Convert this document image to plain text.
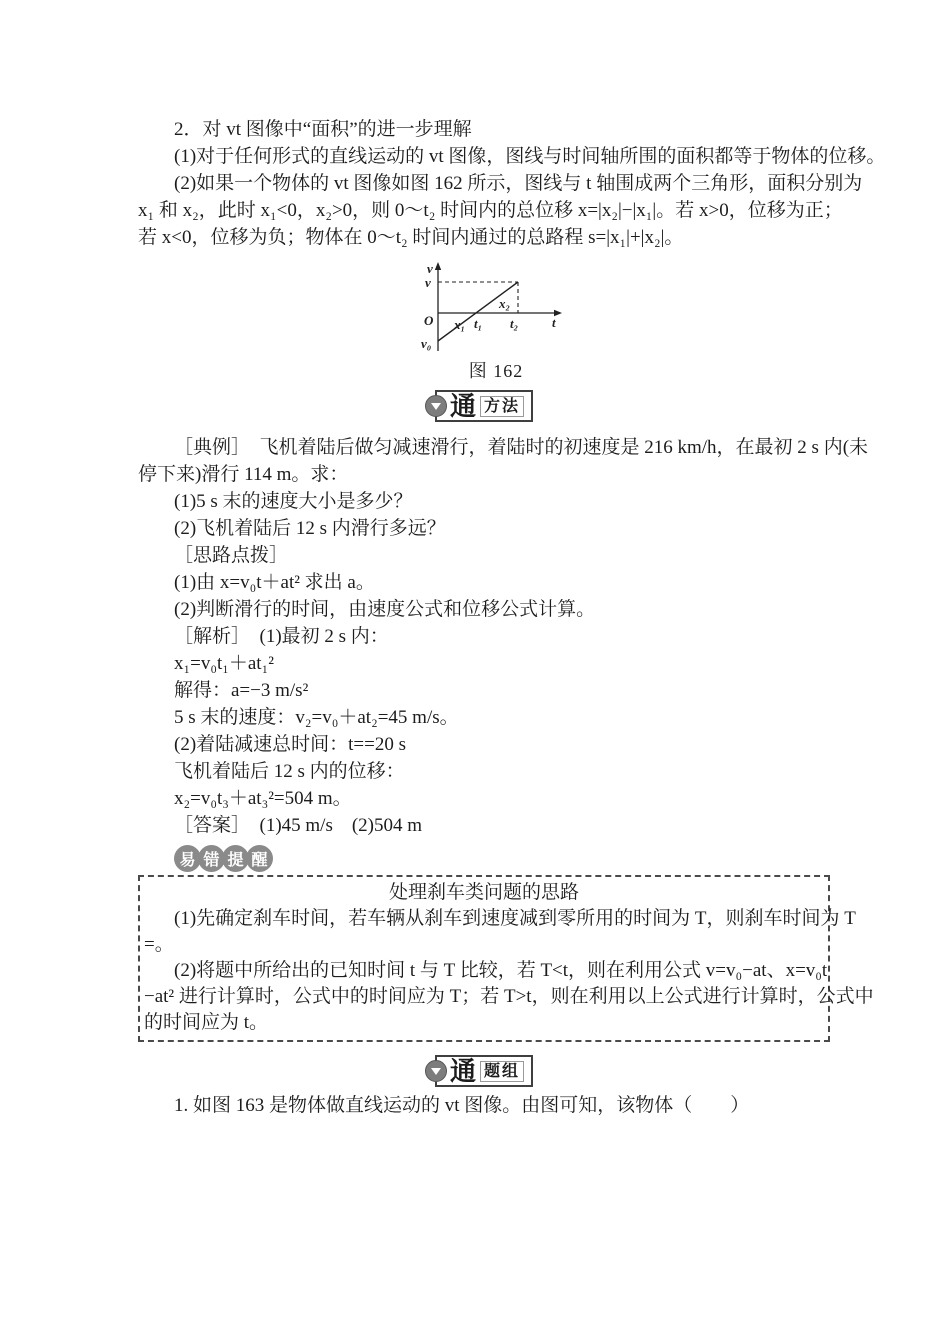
2．对 vt 图像中“面积”的进一步理解
(1)对于任何形式的直线运动的 vt 图像，图线与时间轴所围的面积都等于物体的位移。
(2)如果一个物体的 vt 图像如图 162 所示，图线与 t 轴围成两个三角形，面积分别为
x₁ 和 x₂，此时 x₁<0，x₂>0，则 0～t₂ 时间内的总位移 x=|x₂|−|x₁|。若 x>0，位移为正；
若 x<0，位移为负；物体在 0～t₂ 时间内通过的总路程 s=|x₁|+|x₂|。
v
v
O x₁ t₁
x₂
t₂	t
v₀
图 162
通 方法
［典例］　飞机着陆后做匀减速滑行，着陆时的初速度是 216 km/h，在最初 2 s 内(未
停下来)滑行 114 m。求：
(1)5 s 末的速度大小是多少？
(2)飞机着陆后 12 s 内滑行多远？
［思路点拨］
(1)由 x=v₀t＋at² 求出 a。
(2)判断滑行的时间，由速度公式和位移公式计算。
［解析］　(1)最初 2 s 内：
x₁=v₀t₁＋at₁²
解得：a=−3 m/s²
5 s 末的速度：v₂=v₀＋at₂=45 m/s。
(2)着陆减速总时间：t==20 s
飞机着陆后 12 s 内的位移：
x₂=v₀t₃＋at₃²=504 m。
［答案］　(1)45 m/s　(2)504 m
易 错 提 醒
处理刹车类问题的思路
(1)先确定刹车时间，若车辆从刹车到速度减到零所用的时间为 T，则刹车时间为 T
=。
(2)将题中所给出的已知时间 t 与 T 比较，若 T<t，则在利用公式 v=v₀−at、x=v₀t
−at² 进行计算时，公式中的时间应为 T；若 T>t，则在利用以上公式进行计算时，公式中
的时间应为 t。
通 题组
1. 如图 163 是物体做直线运动的 vt 图像。由图可知，该物体（　　）
